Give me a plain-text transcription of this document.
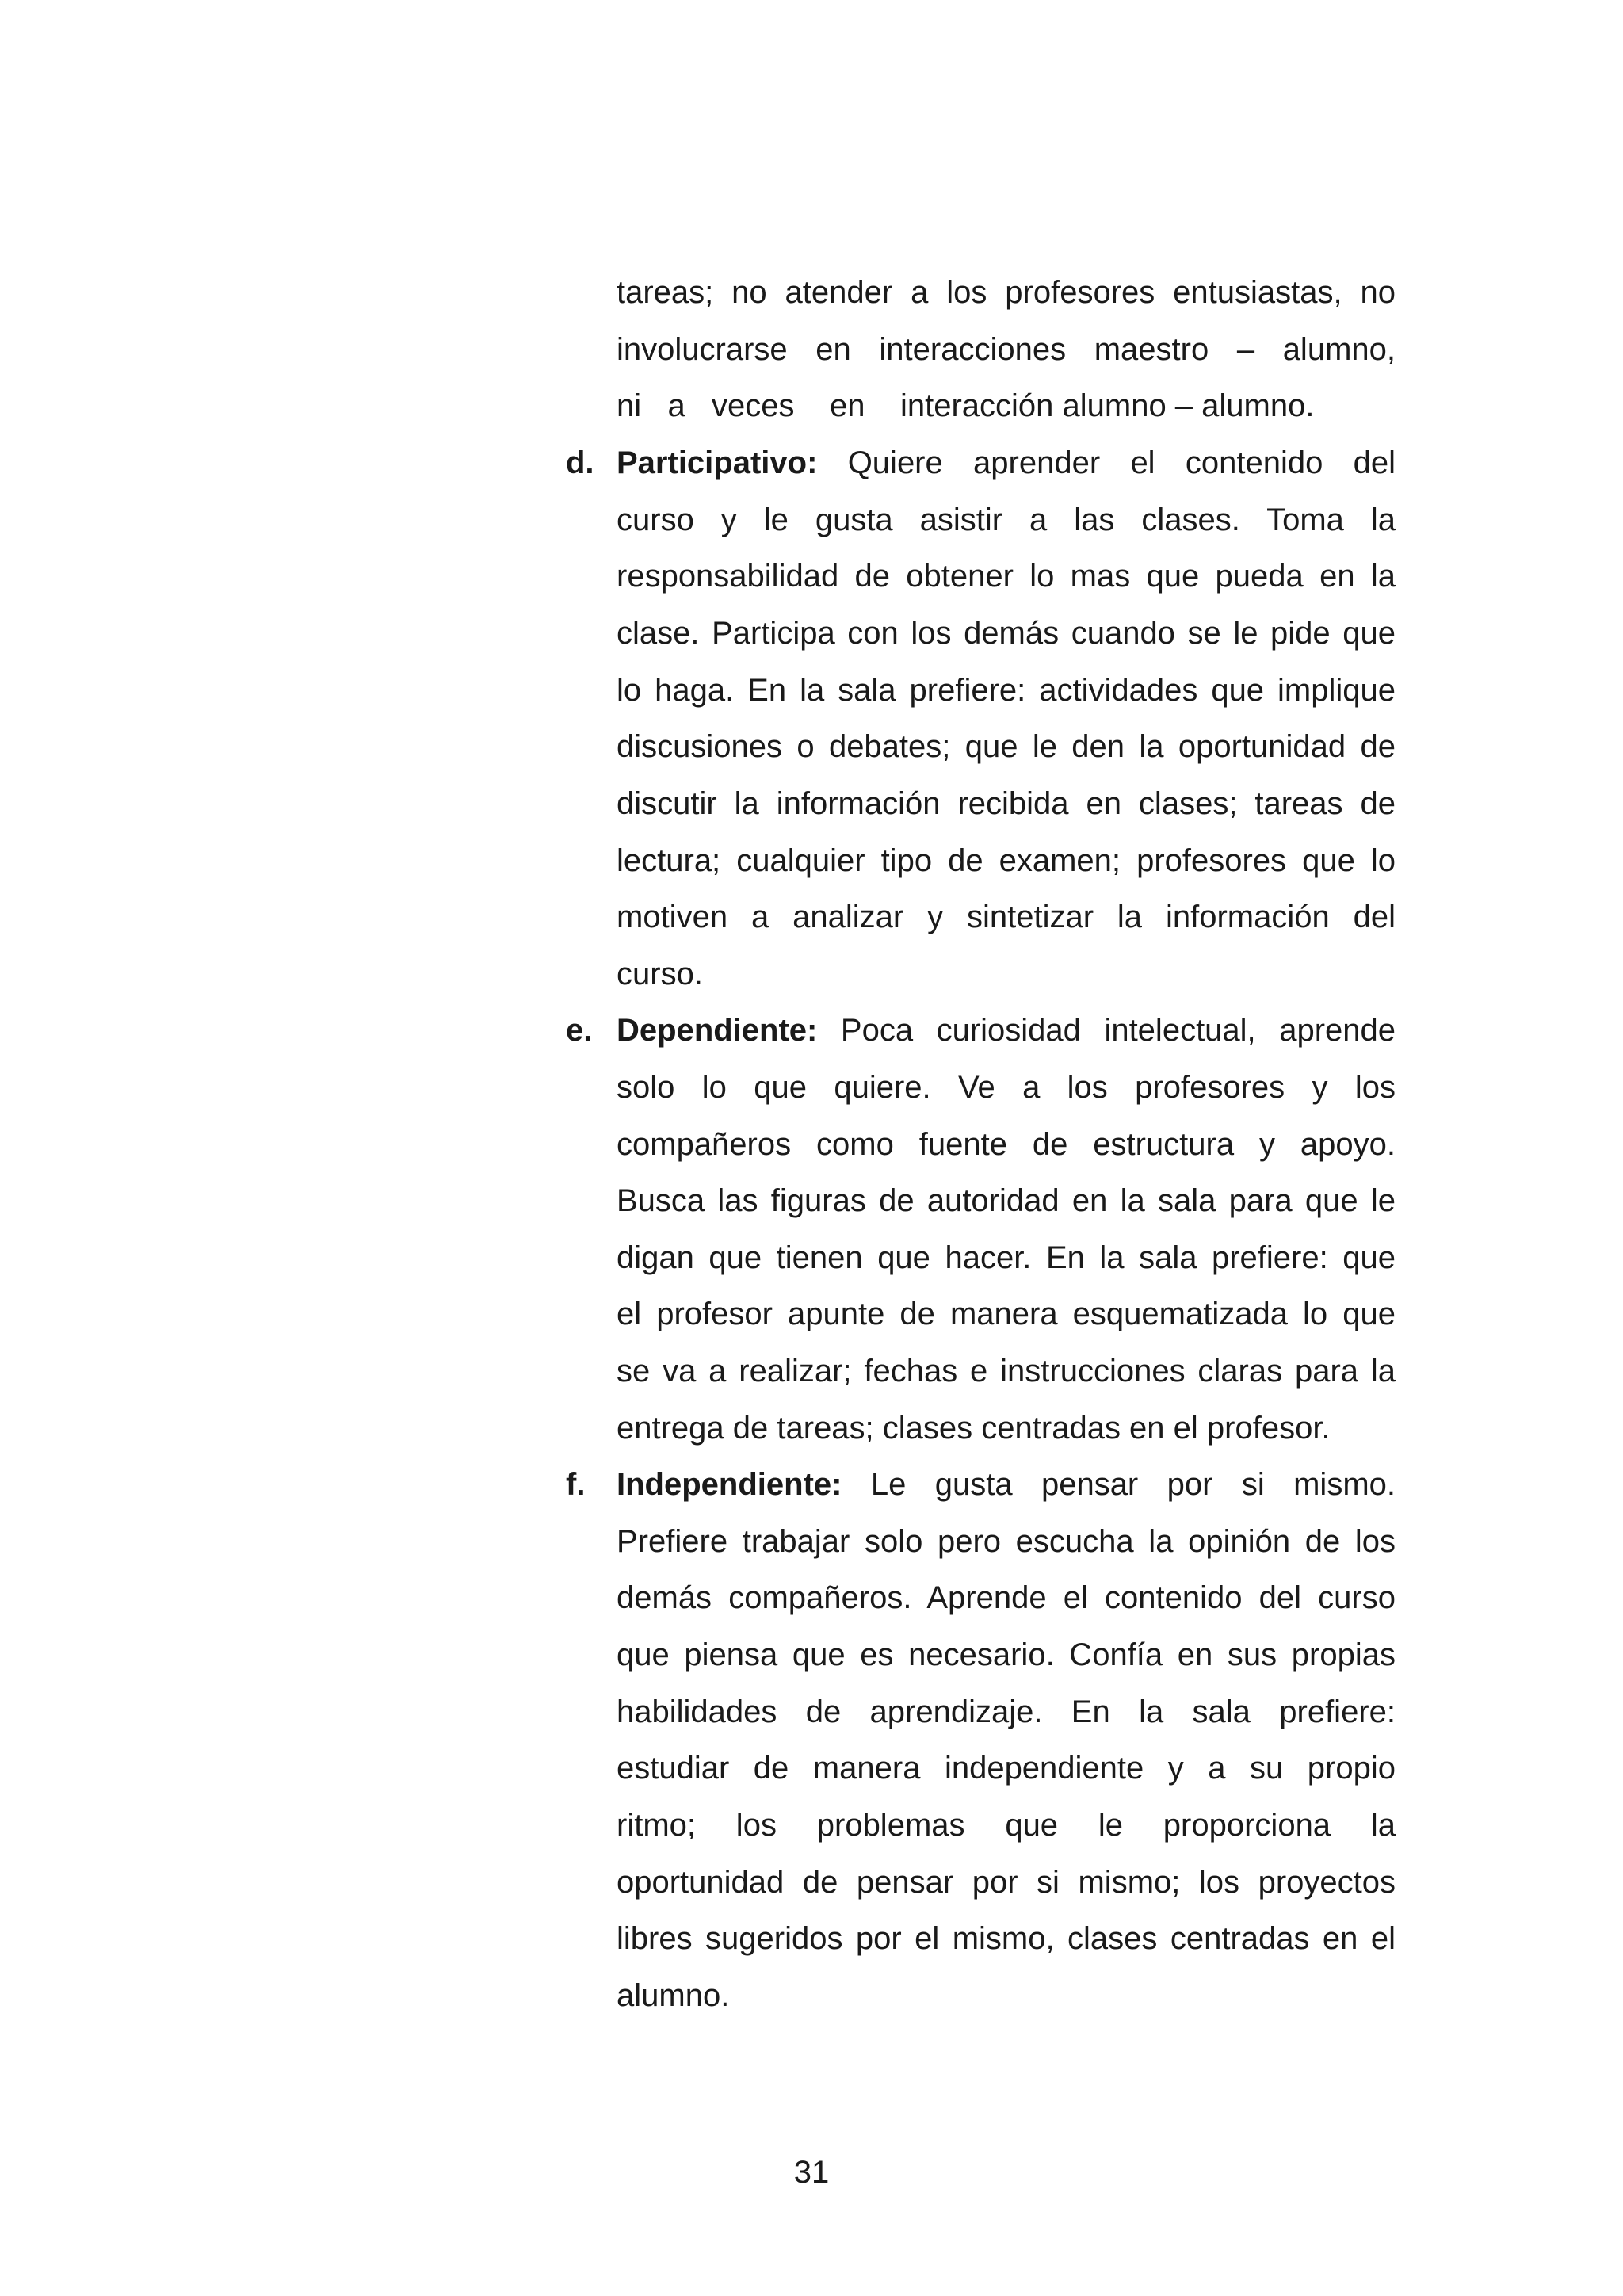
tareas; no atender a los profesores entusiastas, no
involucrarse en interacciones maestro – alumno,
ni   a   veces    en    interacción alumno – alumno.
d. Participativo: Quiere aprender el contenido del
curso y le gusta asistir a las clases. Toma la
responsabilidad de obtener lo mas que pueda en la
clase. Participa con los demás cuando se le pide que
lo haga. En la sala prefiere: actividades que implique
discusiones o debates; que le den la oportunidad de
discutir la información recibida en clases; tareas de
lectura; cualquier tipo de examen; profesores que lo
motiven a analizar y sintetizar la información del
curso.
e. Dependiente: Poca curiosidad intelectual, aprende
solo lo que quiere. Ve a los profesores y los
compañeros como fuente de estructura y apoyo.
Busca las figuras de autoridad en la sala para que le
digan que tienen que hacer. En la sala prefiere: que
el profesor apunte de manera esquematizada lo que
se va a realizar; fechas e instrucciones claras para la
entrega de tareas; clases centradas en el profesor.
f. Independiente: Le gusta pensar por si mismo.
Prefiere trabajar solo pero escucha la opinión de los
demás compañeros. Aprende el contenido del curso
que piensa que es necesario. Confía en sus propias
habilidades de aprendizaje. En la sala prefiere:
estudiar de manera independiente y a su propio
ritmo; los problemas que le proporciona la
oportunidad de pensar por si mismo; los proyectos
libres sugeridos por el mismo, clases centradas en el
alumno.
31
